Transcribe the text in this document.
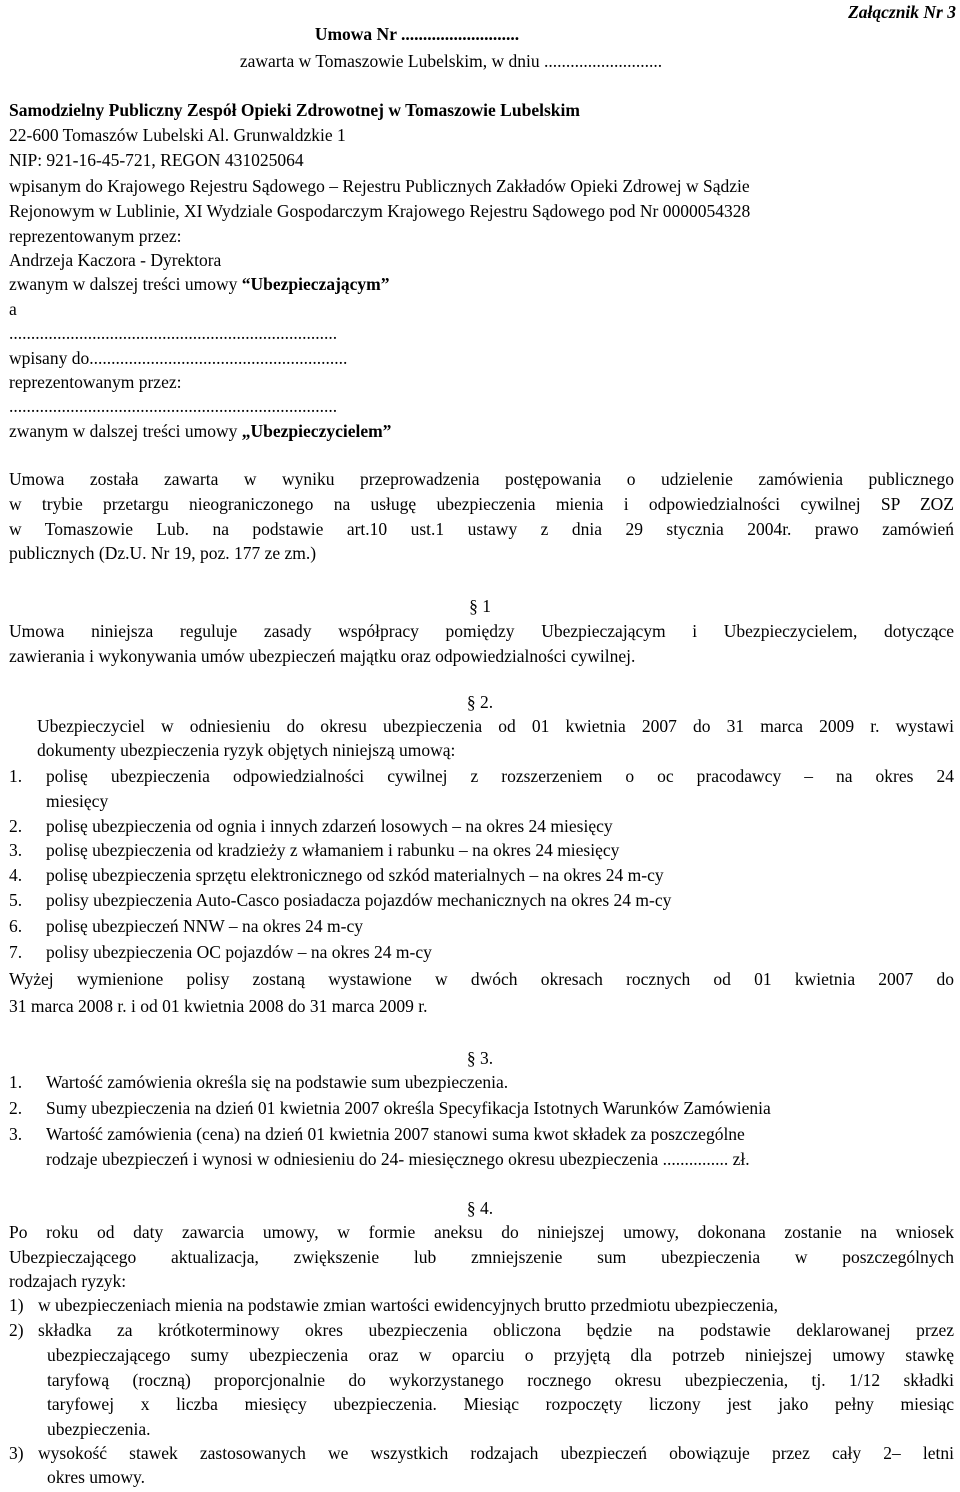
Umowa Nr ...........................
Załącznik Nr 3
zawarta w Tomaszowie Lubelskim, w dniu ...........................
Samodzielny Publiczny Zespół Opieki Zdrowotnej w Tomaszowie Lubelskim
22-600 Tomaszów Lubelski Al. Grunwaldzkie 1
NIP: 921-16-45-721, REGON 431025064
wpisanym do Krajowego Rejestru Sądowego – Rejestru Publicznych Zakładów Opieki Zdrowej w Sądzie
Rejonowym w Lublinie, XI Wydziale Gospodarczym Krajowego Rejestru Sądowego pod Nr 0000054328
reprezentowanym przez:
Andrzeja Kaczora - Dyrektora
zwanym w dalszej treści umowy “Ubezpieczającym”
a
...........................................................................
wpisany do...........................................................
reprezentowanym przez:
...........................................................................
zwanym w dalszej treści umowy „Ubezpieczycielem”
Umowa została zawarta w wyniku przeprowadzenia postępowania o udzielenie zamówienia publicznego
w trybie przetargu nieograniczonego na usługę ubezpieczenia mienia i odpowiedzialności cywilnej SP ZOZ
w Tomaszowie Lub. na podstawie art.10 ust.1 ustawy z dnia 29 stycznia 2004r. prawo zamówień
publicznych (Dz.U. Nr 19, poz. 177 ze zm.)
§ 1
Umowa niniejsza reguluje zasady współpracy pomiędzy Ubezpieczającym i Ubezpieczycielem, dotyczące
zawierania i wykonywania umów ubezpieczeń majątku oraz odpowiedzialności cywilnej.
§ 2.
Ubezpieczyciel w odniesieniu do okresu ubezpieczenia od 01 kwietnia 2007 do 31 marca 2009 r. wystawi
dokumenty ubezpieczenia ryzyk objętych niniejszą umową:
1. polisę ubezpieczenia odpowiedzialności cywilnej z rozszerzeniem o oc pracodawcy – na okres 24
miesięcy
2. polisę ubezpieczenia od ognia i innych zdarzeń losowych – na okres 24 miesięcy
3. polisę ubezpieczenia od kradzieży z włamaniem i rabunku – na okres 24 miesięcy
4. polisę ubezpieczenia sprzętu elektronicznego od szkód materialnych – na okres 24 m-cy
5. polisy ubezpieczenia Auto-Casco posiadacza pojazdów mechanicznych na okres 24 m-cy
6. polisę ubezpieczeń NNW – na okres 24 m-cy
7. polisy ubezpieczenia OC pojazdów – na okres 24 m-cy
Wyżej wymienione polisy zostaną wystawione w dwóch okresach rocznych od 01 kwietnia 2007 do
31 marca 2008 r. i od 01 kwietnia 2008 do 31 marca 2009 r.
§ 3.
1. Wartość zamówienia określa się na podstawie sum ubezpieczenia.
2. Sumy ubezpieczenia na dzień 01 kwietnia 2007 określa Specyfikacja Istotnych Warunków Zamówienia
3. Wartość zamówienia (cena) na dzień 01 kwietnia 2007 stanowi suma kwot składek za poszczególne
rodzaje ubezpieczeń i wynosi w odniesieniu do 24- miesięcznego okresu ubezpieczenia ............... zł.
§ 4.
Po roku od daty zawarcia umowy, w formie aneksu do niniejszej umowy, dokonana zostanie na wniosek
Ubezpieczającego aktualizacja, zwiększenie lub zmniejszenie sum ubezpieczenia w poszczególnych
rodzajach ryzyk:
1) w ubezpieczeniach mienia na podstawie zmian wartości ewidencyjnych brutto przedmiotu ubezpieczenia,
2) składka za krótkoterminowy okres ubezpieczenia obliczona będzie na podstawie deklarowanej przez
ubezpieczającego sumy ubezpieczenia oraz w oparciu o przyjętą dla potrzeb niniejszej umowy stawkę
taryfową (roczną) proporcjonalnie do wykorzystanego rocznego okresu ubezpieczenia, tj. 1/12 składki
taryfowej x liczba miesięcy ubezpieczenia. Miesiąc rozpoczęty liczony jest jako pełny miesiąc
ubezpieczenia.
3) wysokość stawek zastosowanych we wszystkich rodzajach ubezpieczeń obowiązuje przez cały 2– letni
okres umowy.
